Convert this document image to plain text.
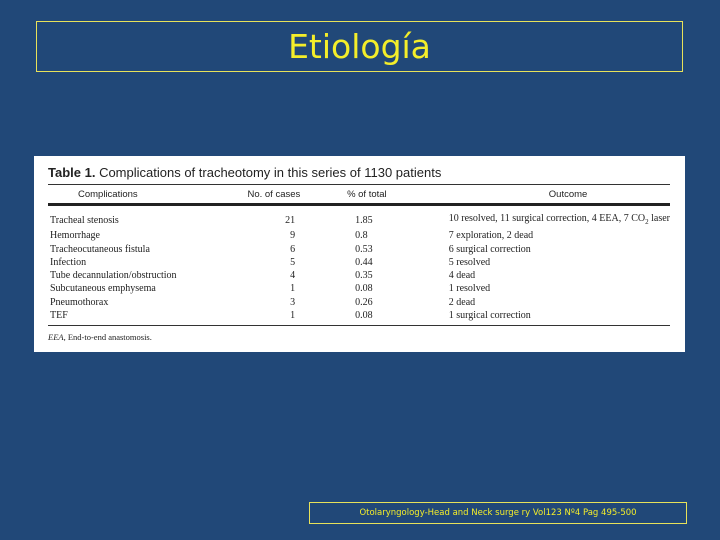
Etiología
Table 1. Complications of tracheotomy in this series of 1130 patients
Complications	No. of cases	% of total	Outcome
Tracheal stenosis	21	1.85	10 resolved, 11 surgical correction, 4 EEA, 7 $CO_2$ laser
Hemorrhage	9	0.8	7 exploration, 2 dead
Tracheocutaneous fistula	6	0.53	6 surgical correction
Infection	5	0.44	5 resolved
Tube decannulation/obstruction	4	0.35	4 dead
Subcutaneous emphysema	1	0.08	1 resolved
Pneumothorax	3	0.26	2 dead
TEF	1	0.08	1 surgical correction
EEA, End-to-end anastomosis.
Otolaryngology-Head and Neck surge ry Vol123 Nº4 Pag 495-500
